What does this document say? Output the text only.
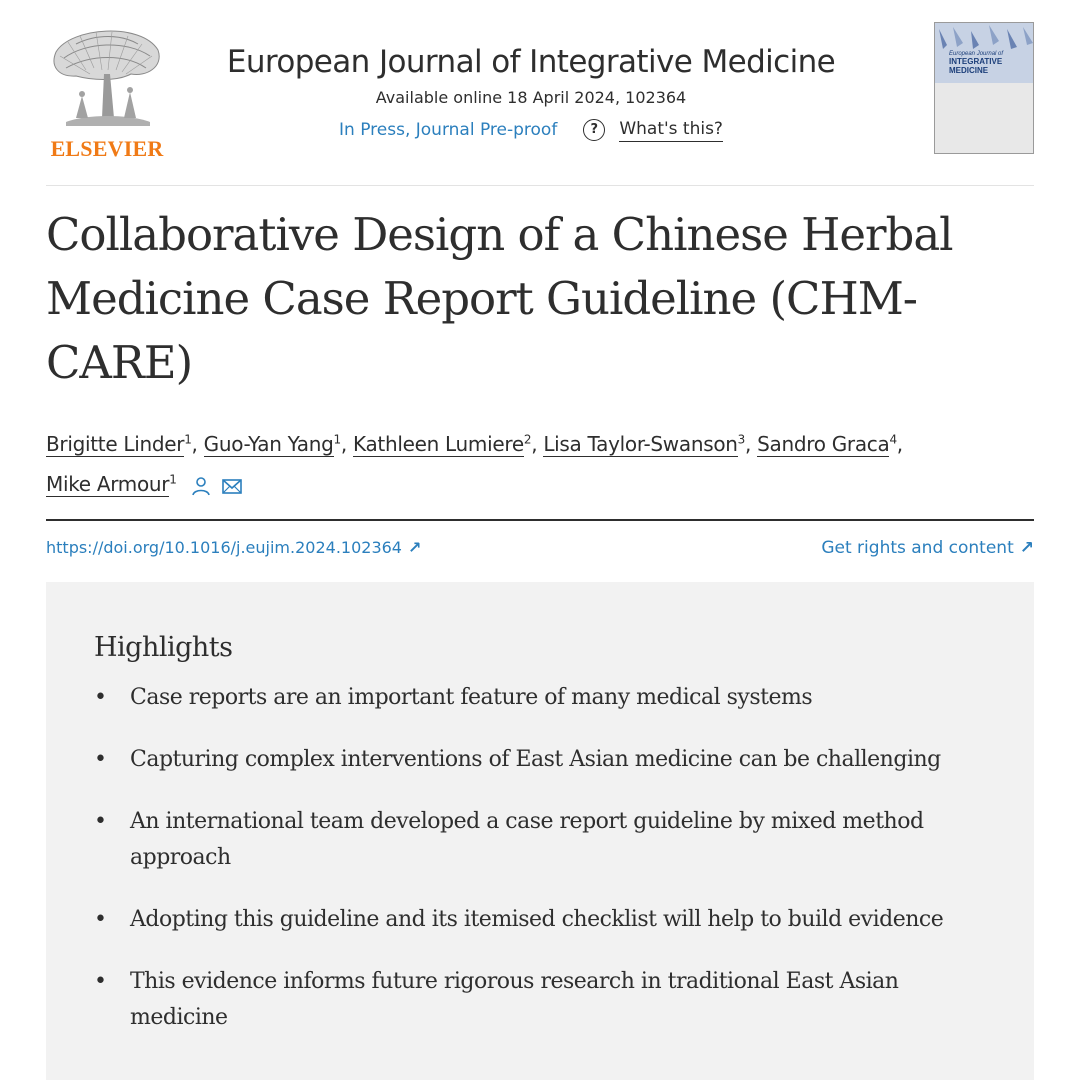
ELSEVIER
European Journal of Integrative Medicine
Available online 18 April 2024, 102364
In Press, Journal Pre-proof	?	What's this?
European Journal of
INTEGRATIVE
MEDICINE
Collaborative Design of a Chinese Herbal Medicine Case Report Guideline (CHM-CARE)
Brigitte Linder$^1$, Guo-Yan Yang$^1$, Kathleen Lumiere$^2$, Lisa Taylor-Swanson$^3$, Sandro Graca$^4$,
Mike Armour$^1$
https://doi.org/10.1016/j.eujim.2024.102364 ↗	Get rights and content ↗
Highlights
• Case reports are an important feature of many medical systems
• Capturing complex interventions of East Asian medicine can be challenging
• An international team developed a case report guideline by mixed method approach
• Adopting this guideline and its itemised checklist will help to build evidence
• This evidence informs future rigorous research in traditional East Asian medicine
